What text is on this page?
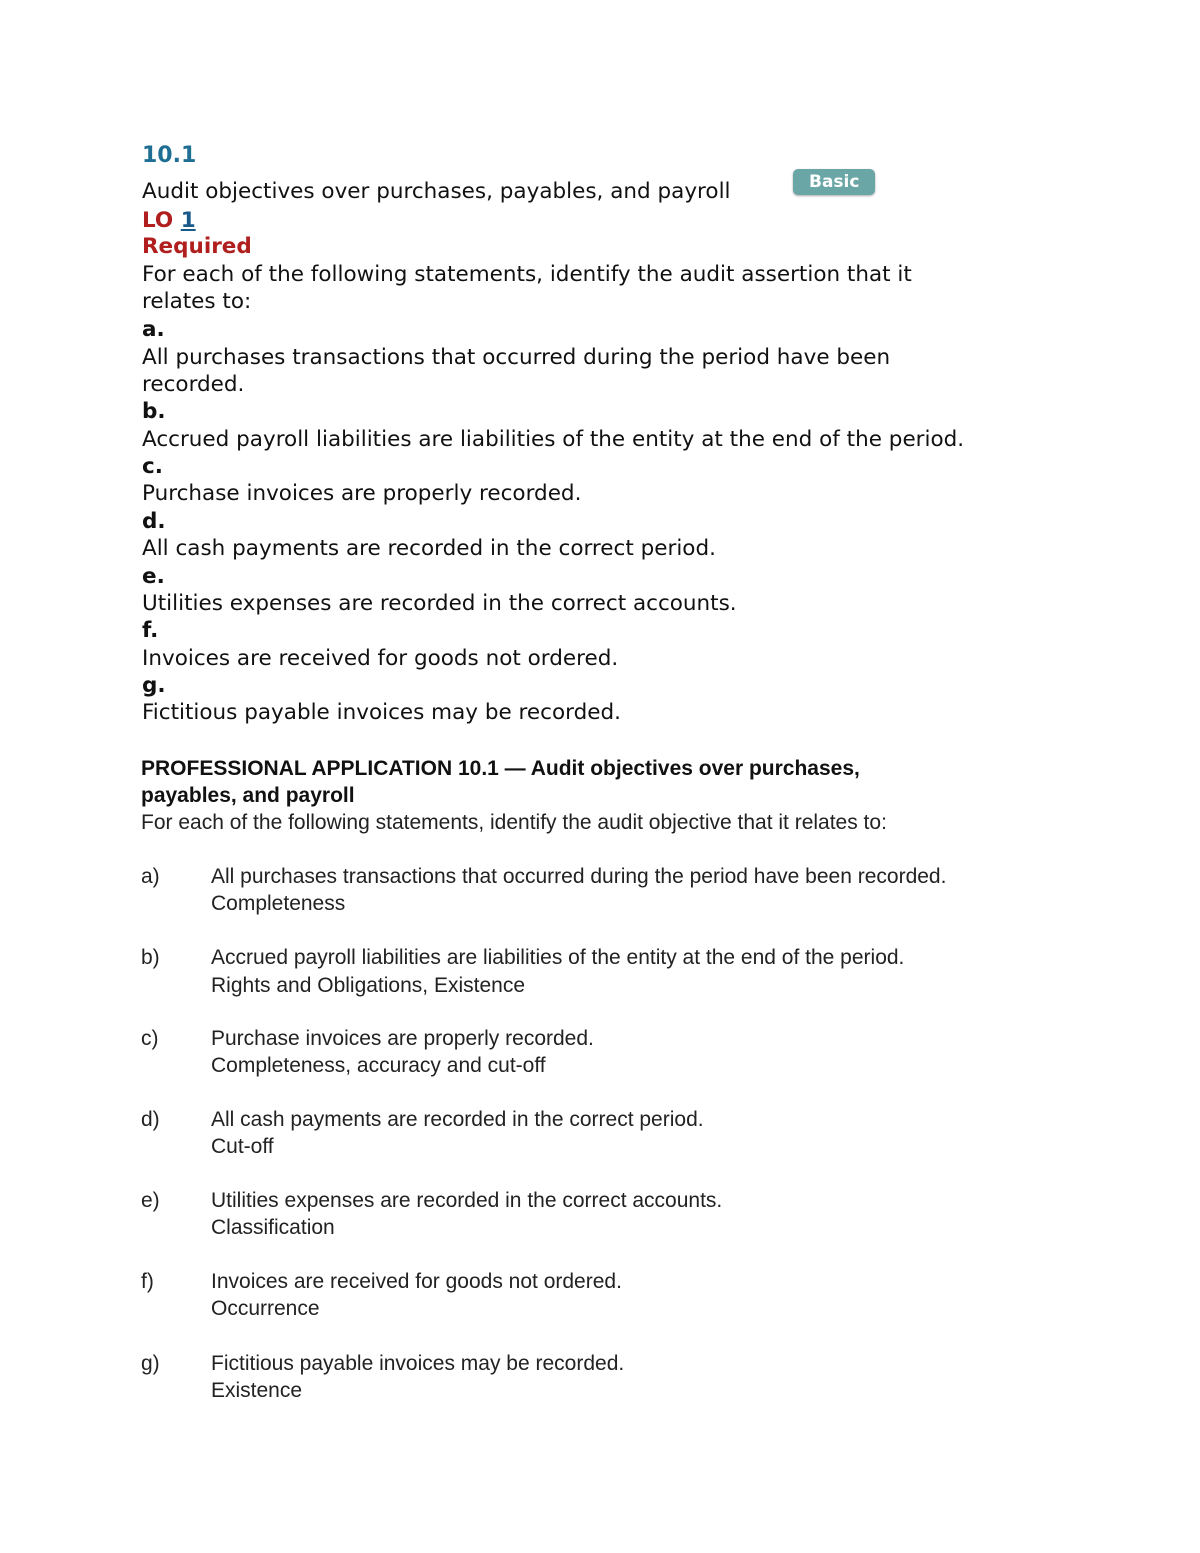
10.1
Audit objectives over purchases, payables, and payroll	Basic
LO 1
Required
For each of the following statements, identify the audit assertion that it
relates to:
a.
All purchases transactions that occurred during the period have been
recorded.
b.
Accrued payroll liabilities are liabilities of the entity at the end of the period.
c.
Purchase invoices are properly recorded.
d.
All cash payments are recorded in the correct period.
e.
Utilities expenses are recorded in the correct accounts.
f.
Invoices are received for goods not ordered.
g.
Fictitious payable invoices may be recorded.
PROFESSIONAL APPLICATION 10.1 — Audit objectives over purchases,
payables, and payroll
For each of the following statements, identify the audit objective that it relates to:
a) All purchases transactions that occurred during the period have been recorded.
Completeness
b) Accrued payroll liabilities are liabilities of the entity at the end of the period.
Rights and Obligations, Existence
c)	Purchase invoices are properly recorded.
Completeness, accuracy and cut-off
d) All cash payments are recorded in the correct period.
Cut-off
e) Utilities expenses are recorded in the correct accounts.
Classification
f)	Invoices are received for goods not ordered.
Occurrence
g) Fictitious payable invoices may be recorded.
Existence
